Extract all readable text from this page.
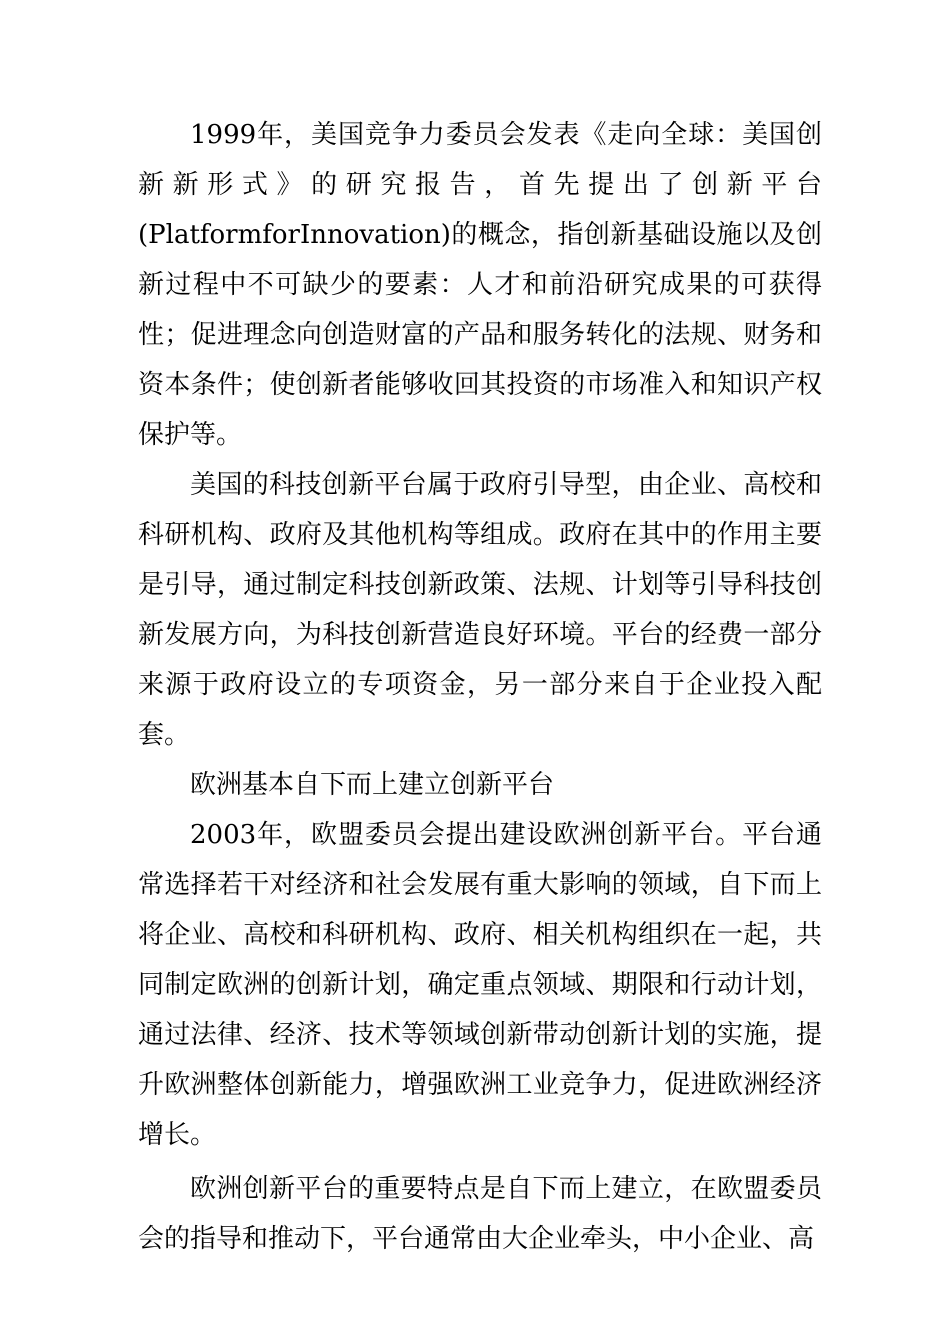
1999年，美国竞争力委员会发表《走向全球：美国创新新形式》的研究报告，首先提出了创新平台(PlatformforInnovation)的概念，指创新基础设施以及创新过程中不可缺少的要素：人才和前沿研究成果的可获得性；促进理念向创造财富的产品和服务转化的法规、财务和资本条件；使创新者能够收回其投资的市场准入和知识产权保护等。

美国的科技创新平台属于政府引导型，由企业、高校和科研机构、政府及其他机构等组成。政府在其中的作用主要是引导，通过制定科技创新政策、法规、计划等引导科技创新发展方向，为科技创新营造良好环境。平台的经费一部分来源于政府设立的专项资金，另一部分来自于企业投入配套。

欧洲基本自下而上建立创新平台

2003年，欧盟委员会提出建设欧洲创新平台。平台通常选择若干对经济和社会发展有重大影响的领域，自下而上将企业、高校和科研机构、政府、相关机构组织在一起，共同制定欧洲的创新计划，确定重点领域、期限和行动计划，通过法律、经济、技术等领域创新带动创新计划的实施，提升欧洲整体创新能力，增强欧洲工业竞争力，促进欧洲经济增长。

欧洲创新平台的重要特点是自下而上建立，在欧盟委员会的指导和推动下，平台通常由大企业牵头，中小企业、高
